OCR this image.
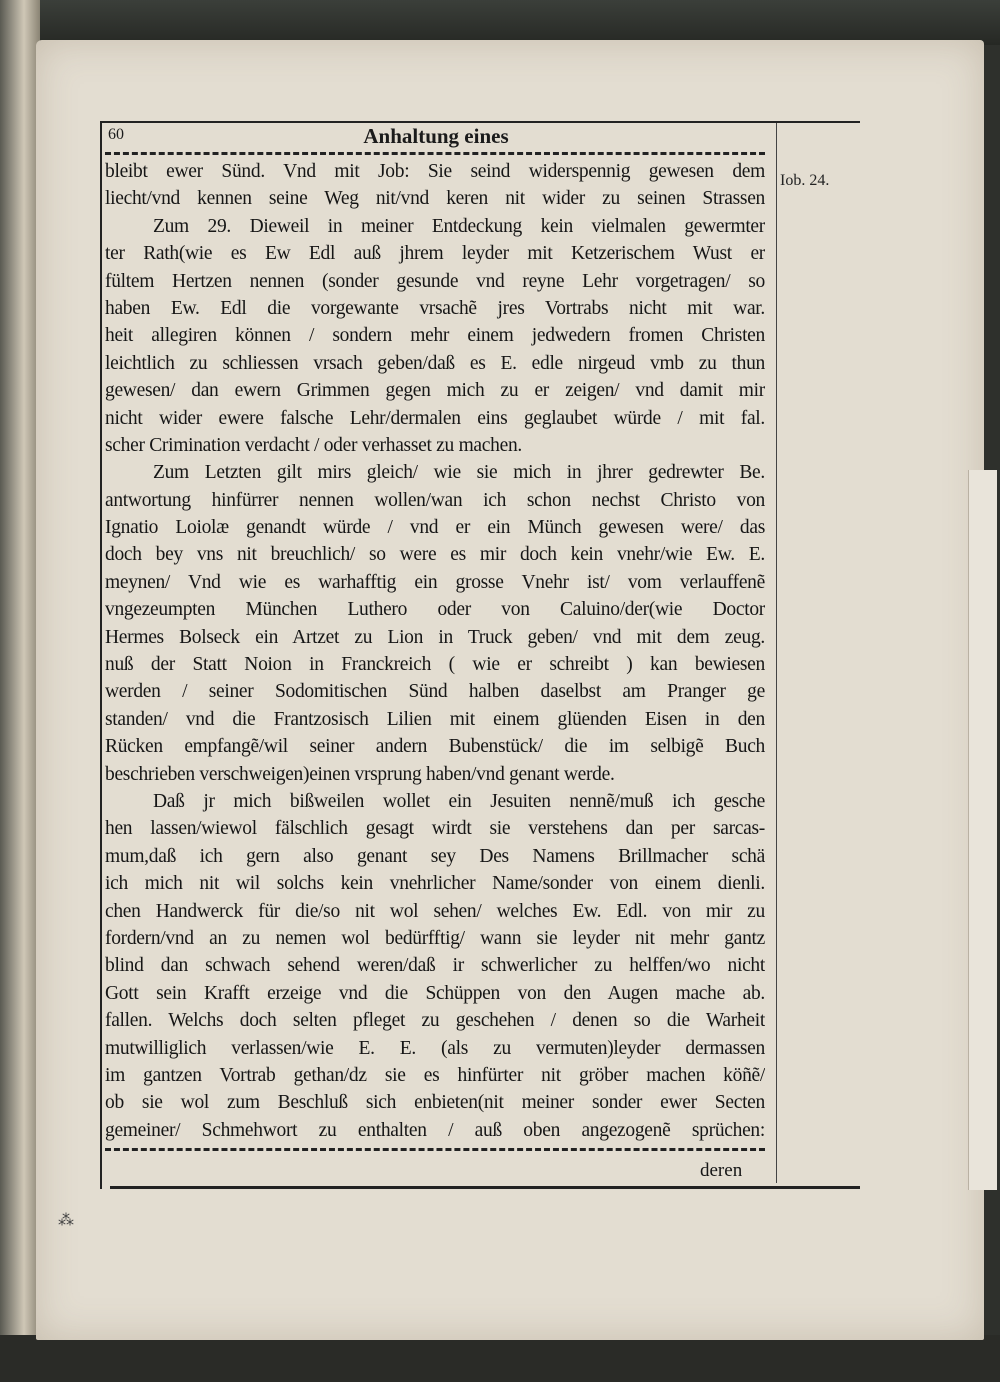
60	Anhaltung eines
Iob. 24.
bleibt ewer Sünd. Vnd mit Job: Sie seind widerspennig gewesen dem
liecht/vnd kennen seine Weg nit/vnd keren nit wider zu seinen Strassen
Zum 29. Dieweil in meiner Entdeckung kein vielmalen gewermter
ter Rath(wie es Ew Edl auß jhrem leyder mit Ketzerischem Wust er
fültem Hertzen nennen (sonder gesunde vnd reyne Lehr vorgetragen/ so
haben Ew. Edl die vorgewante vrsachẽ jres Vortrabs nicht mit war.
heit allegiren können / sondern mehr einem jedwedern fromen Christen
leichtlich zu schliessen vrsach geben/daß es E. edle nirgeud vmb zu thun
gewesen/ dan ewern Grimmen gegen mich zu er zeigen/ vnd damit mir
nicht wider ewere falsche Lehr/dermalen eins geglaubet würde / mit fal.
scher Crimination verdacht / oder verhasset zu machen.
Zum Letzten gilt mirs gleich/ wie sie mich in jhrer gedrewter Be.
antwortung hinfürrer nennen wollen/wan ich schon nechst Christo von
Ignatio Loiolæ genandt würde / vnd er ein Münch gewesen were/ das
doch bey vns nit breuchlich/ so were es mir doch kein vnehr/wie Ew. E.
meynen/ Vnd wie es warhafftig ein grosse Vnehr ist/ vom verlauffenẽ
vngezeumpten München Luthero oder von Caluino/der(wie Doctor
Hermes Bolseck ein Artzet zu Lion in Truck geben/ vnd mit dem zeug.
nuß der Statt Noion in Franckreich ( wie er schreibt ) kan bewiesen
werden / seiner Sodomitischen Sünd halben daselbst am Pranger ge
standen/ vnd die Frantzosisch Lilien mit einem glüenden Eisen in den
Rücken empfangẽ/wil seiner andern Bubenstück/ die im selbigẽ Buch
beschrieben verschweigen)einen vrsprung haben/vnd genant werde.
Daß jr mich bißweilen wollet ein Jesuiten nennẽ/muß ich gesche
hen lassen/wiewol fälschlich gesagt wirdt sie verstehens dan per sarcas-
mum,daß ich gern also genant sey Des Namens Brillmacher schä
ich mich nit wil solchs kein vnehrlicher Name/sonder von einem dienli.
chen Handwerck für die/so nit wol sehen/ welches Ew. Edl. von mir zu
fordern/vnd an zu nemen wol bedürfftig/ wann sie leyder nit mehr gantz
blind dan schwach sehend weren/daß ir schwerlicher zu helffen/wo nicht
Gott sein Krafft erzeige vnd die Schüppen von den Augen mache ab.
fallen. Welchs doch selten pfleget zu geschehen / denen so die Warheit
mutwilliglich verlassen/wie E. E. (als zu vermuten)leyder dermassen
im gantzen Vortrab gethan/dz sie es hinfürter nit gröber machen köñẽ/
ob sie wol zum Beschluß sich enbieten(nit meiner sonder ewer Secten
gemeiner/ Schmehwort zu enthalten / auß oben angezogenẽ sprüchen:
deren
⁂
